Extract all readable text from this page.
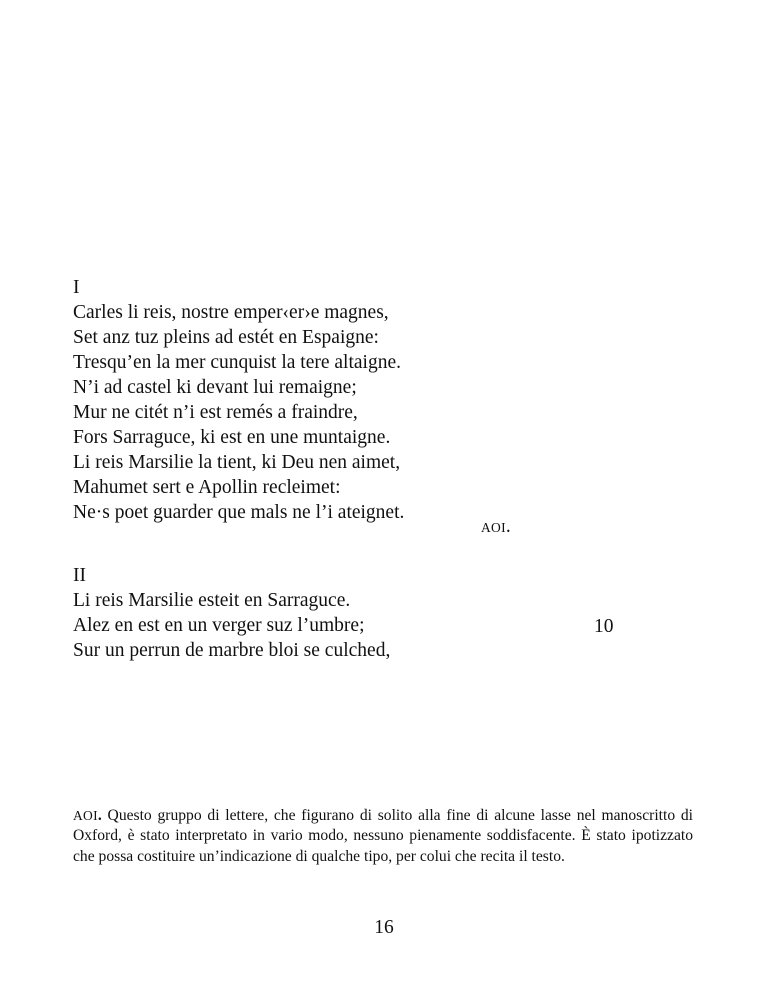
I
Carles li reis, nostre emper‹er›e magnes,
Set anz tuz pleins ad estét en Espaigne:
Tresqu’en la mer cunquist la tere altaigne.
N’i ad castel ki devant lui remaigne;
Mur ne citét n’i est remés a fraindre,
Fors Sarraguce, ki est en une muntaigne.
Li reis Marsilie la tient, ki Deu nen aimet,
Mahumet sert e Apollin recleimet:
Ne·s poet guarder que mals ne l’i ateignet.
AOI.
II
Li reis Marsilie esteit en Sarraguce.
Alez en est en un verger suz l’umbre;
Sur un perrun de marbre bloi se culched,
10
AOI. Questo gruppo di lettere, che figurano di solito alla fine di alcune lasse nel manoscritto di Oxford, è stato interpretato in vario modo, nessuno pienamente soddisfacente. È stato ipotizzato che possa costituire un’indicazione di qualche tipo, per colui che recita il testo.
16
